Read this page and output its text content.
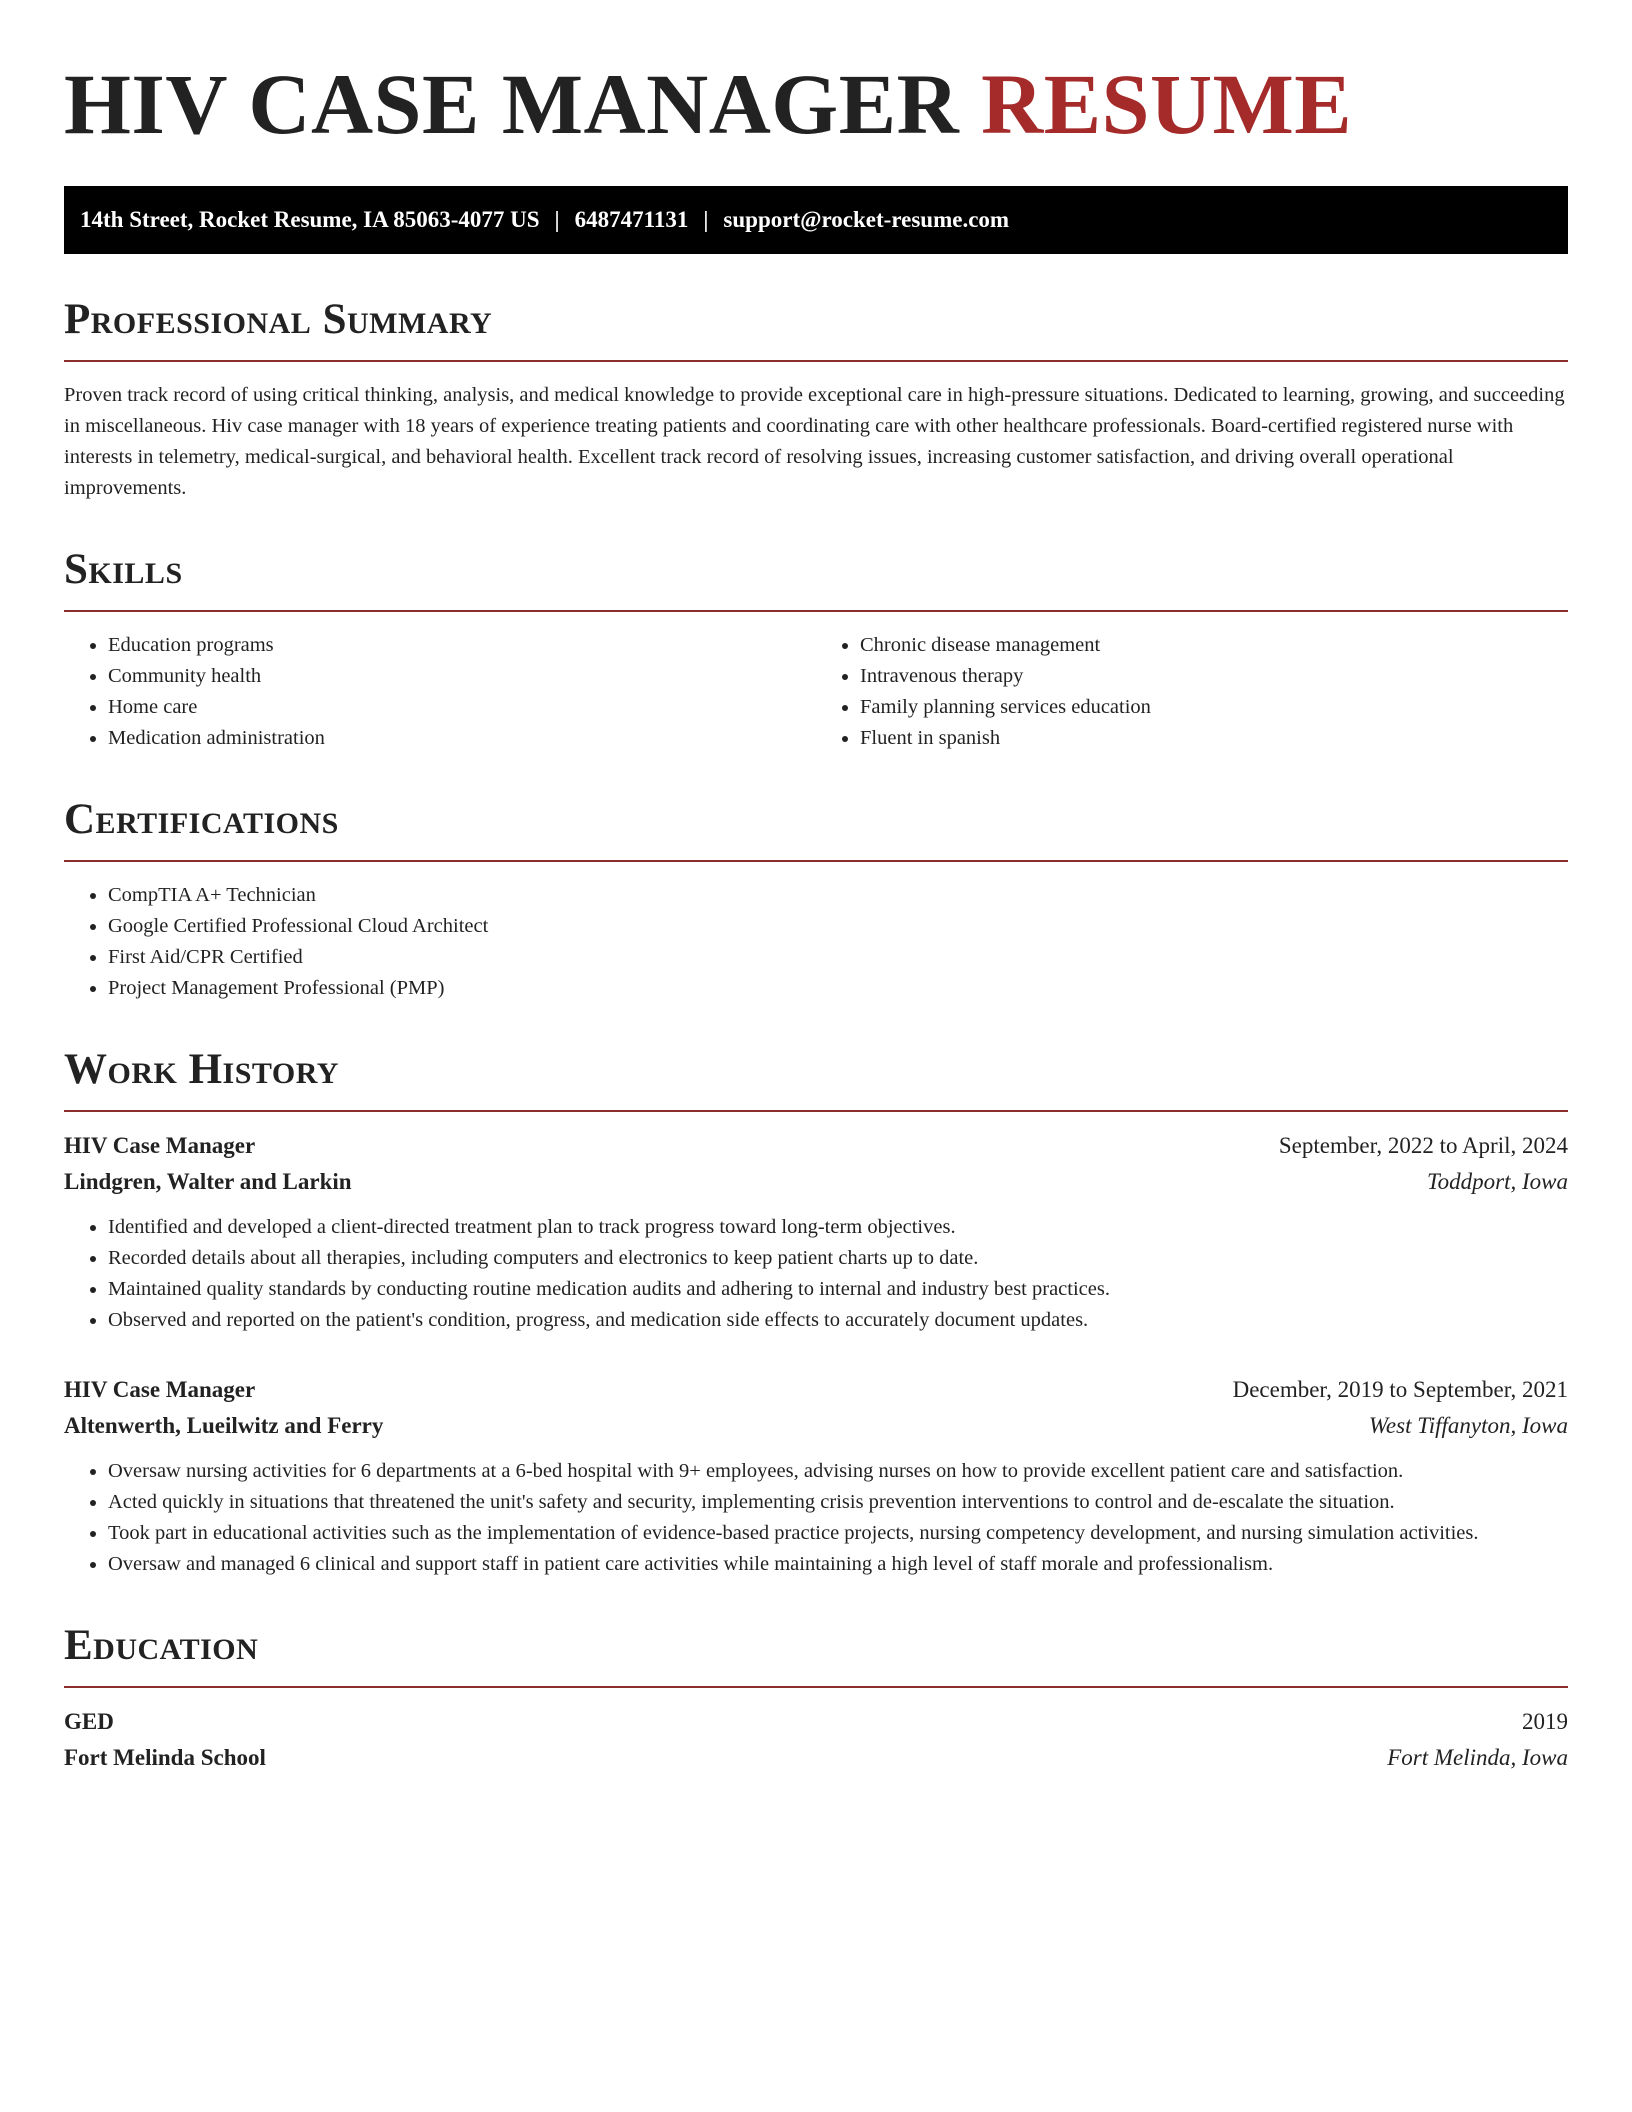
HIV CASE MANAGER RESUME
14th Street, Rocket Resume, IA 85063-4077 US | 6487471131 | support@rocket-resume.com
Professional Summary

Proven track record of using critical thinking, analysis, and medical knowledge to provide exceptional care in high-pressure situations. Dedicated to learning, growing, and succeeding in miscellaneous. Hiv case manager with 18 years of experience treating patients and coordinating care with other healthcare professionals. Board-certified registered nurse with interests in telemetry, medical-surgical, and behavioral health. Excellent track record of resolving issues, increasing customer satisfaction, and driving overall operational improvements.

Skills
• Education programs
• Community health
• Home care
• Medication administration
• Chronic disease management
• Intravenous therapy
• Family planning services education
• Fluent in spanish
Certifications
• CompTIA A+ Technician
• Google Certified Professional Cloud Architect
• First Aid/CPR Certified
• Project Management Professional (PMP)
Work History
HIV Case Manager	September, 2022 to April, 2024
Lindgren, Walter and Larkin	Toddport, Iowa
• Identified and developed a client-directed treatment plan to track progress toward long-term objectives.
• Recorded details about all therapies, including computers and electronics to keep patient charts up to date.
• Maintained quality standards by conducting routine medication audits and adhering to internal and industry best practices.
• Observed and reported on the patient's condition, progress, and medication side effects to accurately document updates.
HIV Case Manager	December, 2019 to September, 2021
Altenwerth, Lueilwitz and Ferry	West Tiffanyton, Iowa
• Oversaw nursing activities for 6 departments at a 6-bed hospital with 9+ employees, advising nurses on how to provide excellent patient care and satisfaction.
• Acted quickly in situations that threatened the unit's safety and security, implementing crisis prevention interventions to control and de-escalate the situation.
• Took part in educational activities such as the implementation of evidence-based practice projects, nursing competency development, and nursing simulation activities.
• Oversaw and managed 6 clinical and support staff in patient care activities while maintaining a high level of staff morale and professionalism.
Education
GED	2019
Fort Melinda School	Fort Melinda, Iowa
